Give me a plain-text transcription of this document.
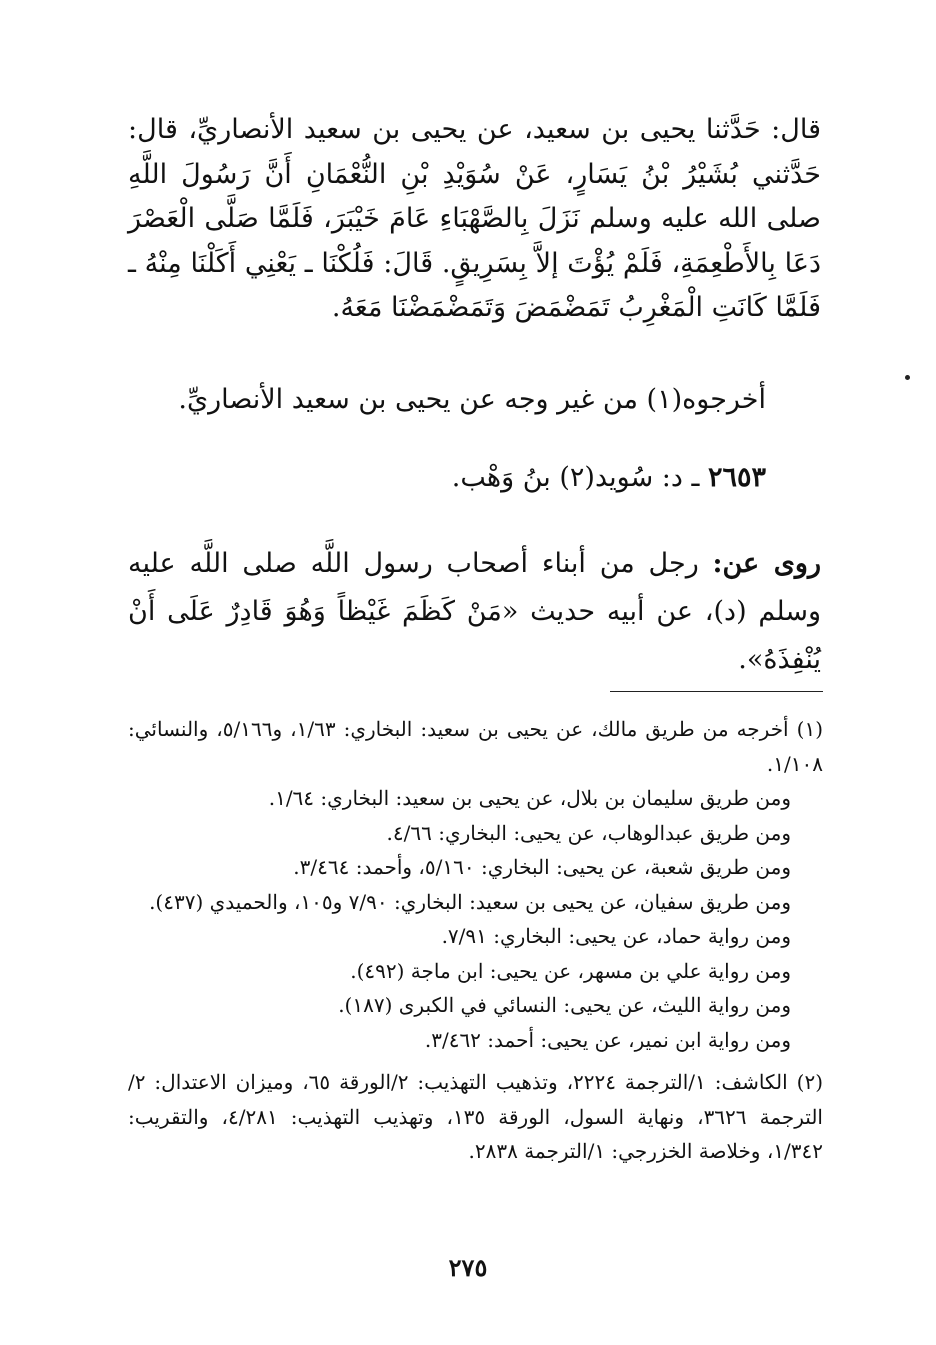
قال: حَدَّثنا يحيى بن سعيد، عن يحيى بن سعيد الأنصاريِّ، قال: حَدَّثني بُشَيْرُ بْنُ يَسَارٍ، عَنْ سُوَيْدِ بْنِ النُّعْمَانِ أَنَّ رَسُولَ اللَّهِ صلى الله عليه وسلم نَزَلَ بِالصَّهْبَاءِ عَامَ خَيْبَرَ، فَلَمَّا صَلَّى الْعَصْرَ دَعَا بِالأَطْعِمَةِ، فَلَمْ يُؤْتَ إلاَّ بِسَرِيقٍ. قَالَ: فَلُكْنَا ـ يَعْنِي أَكَلْنَا مِنْهُ ـ فَلَمَّا كَانَتِ الْمَغْرِبُ تَمَضْمَضَ وَتَمَضْمَضْنَا مَعَهُ.
أخرجوه(١) من غير وجه عن يحيى بن سعيد الأنصاريِّ.
٢٦٥٣ ـ د: سُويد(٢) بنُ وَهْب.
روى عن: رجل من أبناء أصحاب رسول اللَّه صلى اللَّه عليه وسلم (د)، عن أبيه حديث «مَنْ كَظَمَ غَيْظاً وَهُوَ قَادِرٌ عَلَى أَنْ يُنْفِذَهُ».
(١) أخرجه من طريق مالك، عن يحيى بن سعيد: البخاري: ١/٦٣، و٥/١٦٦، والنسائي: ١/١٠٨.
ومن طريق سليمان بن بلال، عن يحيى بن سعيد: البخاري: ١/٦٤.
ومن طريق عبدالوهاب، عن يحيى: البخاري: ٤/٦٦.
ومن طريق شعبة، عن يحيى: البخاري: ٥/١٦٠، وأحمد: ٣/٤٦٤.
ومن طريق سفيان، عن يحيى بن سعيد: البخاري: ٧/٩٠ و١٠٥، والحميدي (٤٣٧).
ومن رواية حماد، عن يحيى: البخاري: ٧/٩١.
ومن رواية علي بن مسهر، عن يحيى: ابن ماجة (٤٩٢).
ومن رواية الليث، عن يحيى: النسائي في الكبرى (١٨٧).
ومن رواية ابن نمير، عن يحيى: أحمد: ٣/٤٦٢.
(٢) الكاشف: ١/الترجمة ٢٢٢٤، وتذهيب التهذيب: ٢/الورقة ٦٥، وميزان الاعتدال: ٢/الترجمة ٣٦٢٦، ونهاية السول، الورقة ١٣٥، وتهذيب التهذيب: ٤/٢٨١، والتقريب: ١/٣٤٢، وخلاصة الخزرجي: ١/الترجمة ٢٨٣٨.
٢٧٥
